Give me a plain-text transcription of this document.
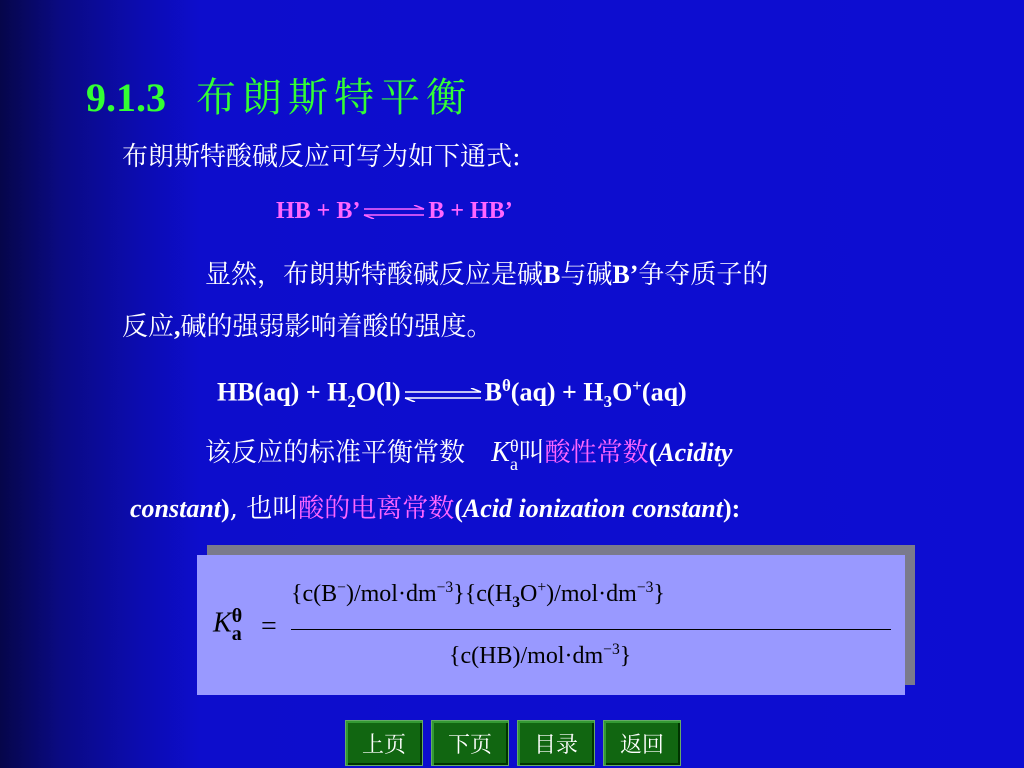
9.1.3 布朗斯特平衡
布朗斯特酸碱反应可写为如下通式:
HB + B’ ⇌ B + HB’
显然，布朗斯特酸碱反应是碱B与碱B’争夺质子的
反应,碱的强弱影响着酸的强度。
$HB(aq) + H_2O(l)$ ⇌ $B^\theta(aq) + H_3O^+(aq)$
该反应的标准平衡常数 K θ
a 叫酸性常数(Acidity
constant), 也叫酸的电离常数(Acid ionization constant):
K θ
a =
$\{c(B^-)/mol\cdot dm^{-3}\}\{c(H_3O^+)/mol\cdot dm^{-3}\}$
$\{c(HB)/mol\cdot dm^{-3}\}$
上页	下页	目录	返回
